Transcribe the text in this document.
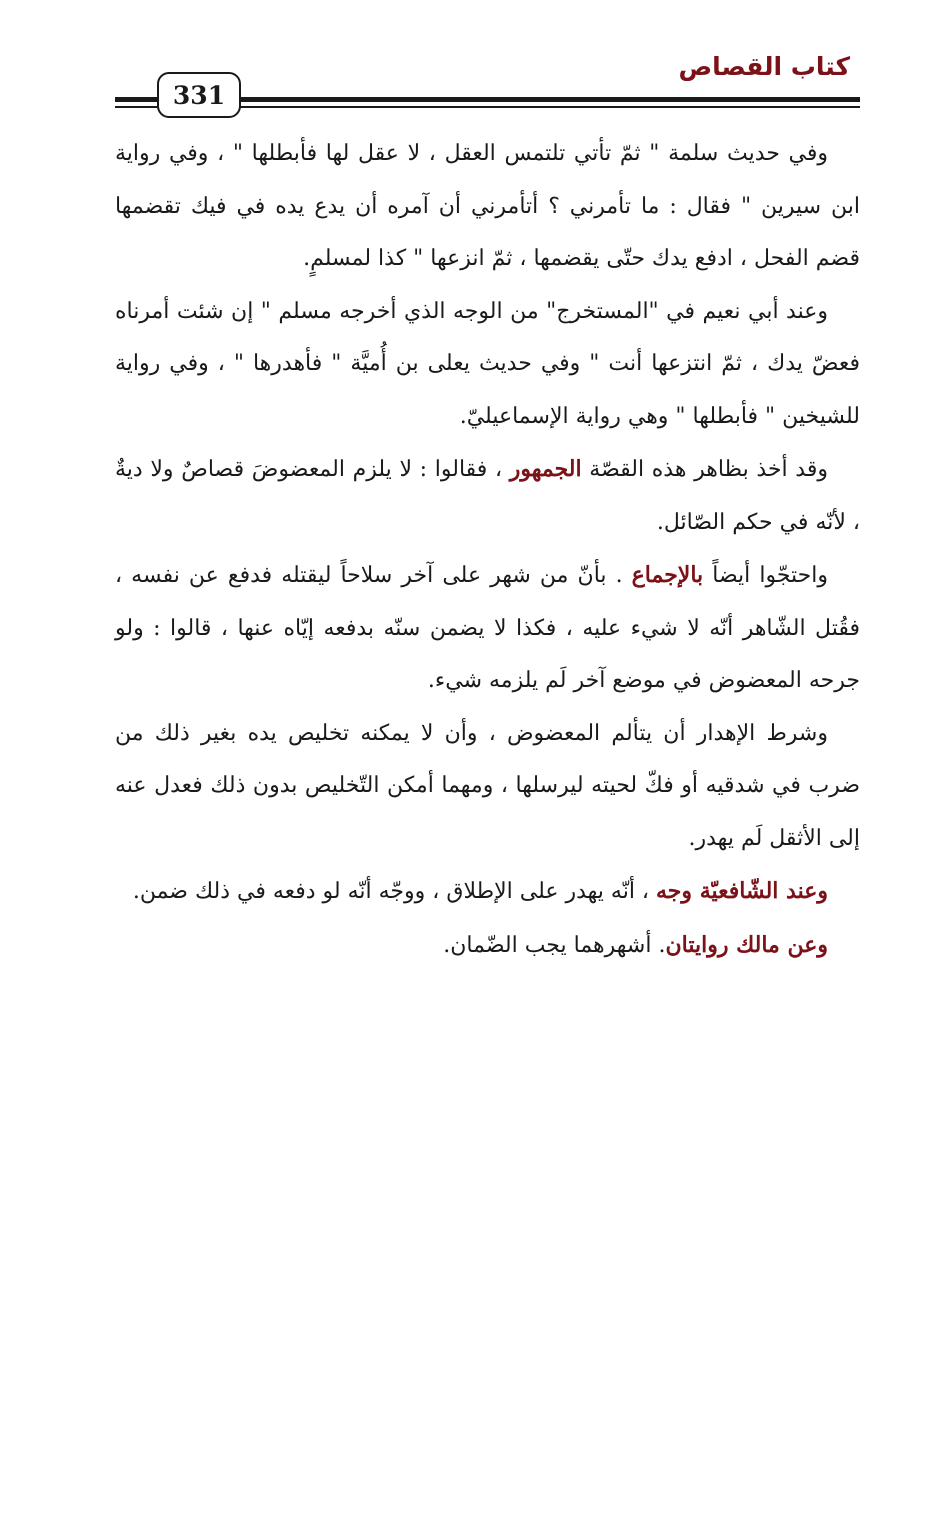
كتاب القصاص
331

وفي حديث سلمة " ثمّ تأتي تلتمس العقل ، لا عقل لها فأبطلها " ، وفي رواية ابن سيرين " فقال : ما تأمرني ؟ أتأمرني أن آمره أن يدع يده في فيك تقضمها قضم الفحل ، ادفع يدك حتّى يقضمها ، ثمّ انزعها " كذا لمسلمٍ.

وعند أبي نعيم في "المستخرج" من الوجه الذي أخرجه مسلم " إن شئت أمرناه فعضّ يدك ، ثمّ انتزعها أنت " وفي حديث يعلى بن أُميَّة " فأهدرها " ، وفي رواية للشيخين " فأبطلها " وهي رواية الإسماعيليّ.

وقد أخذ بظاهر هذه القصّة الجمهور ، فقالوا : لا يلزم المعضوضَ قصاصٌ ولا ديةٌ ، لأنّه في حكم الصّائل.

واحتجّوا أيضاً بالإجماع . بأنّ من شهر على آخر سلاحاً ليقتله فدفع عن نفسه ، فقُتل الشّاهر أنّه لا شيء عليه ، فكذا لا يضمن سنّه بدفعه إيّاه عنها ، قالوا : ولو جرحه المعضوض في موضع آخر لَم يلزمه شيء.

وشرط الإهدار أن يتألم المعضوض ، وأن لا يمكنه تخليص يده بغير ذلك من ضرب في شدقيه أو فكّ لحيته ليرسلها ، ومهما أمكن التّخليص بدون ذلك فعدل عنه إلى الأثقل لَم يهدر.

وعند الشّافعيّة وجه ، أنّه يهدر على الإطلاق ، ووجّه أنّه لو دفعه في ذلك ضمن.

وعن مالك روايتان. أشهرهما يجب الضّمان.
